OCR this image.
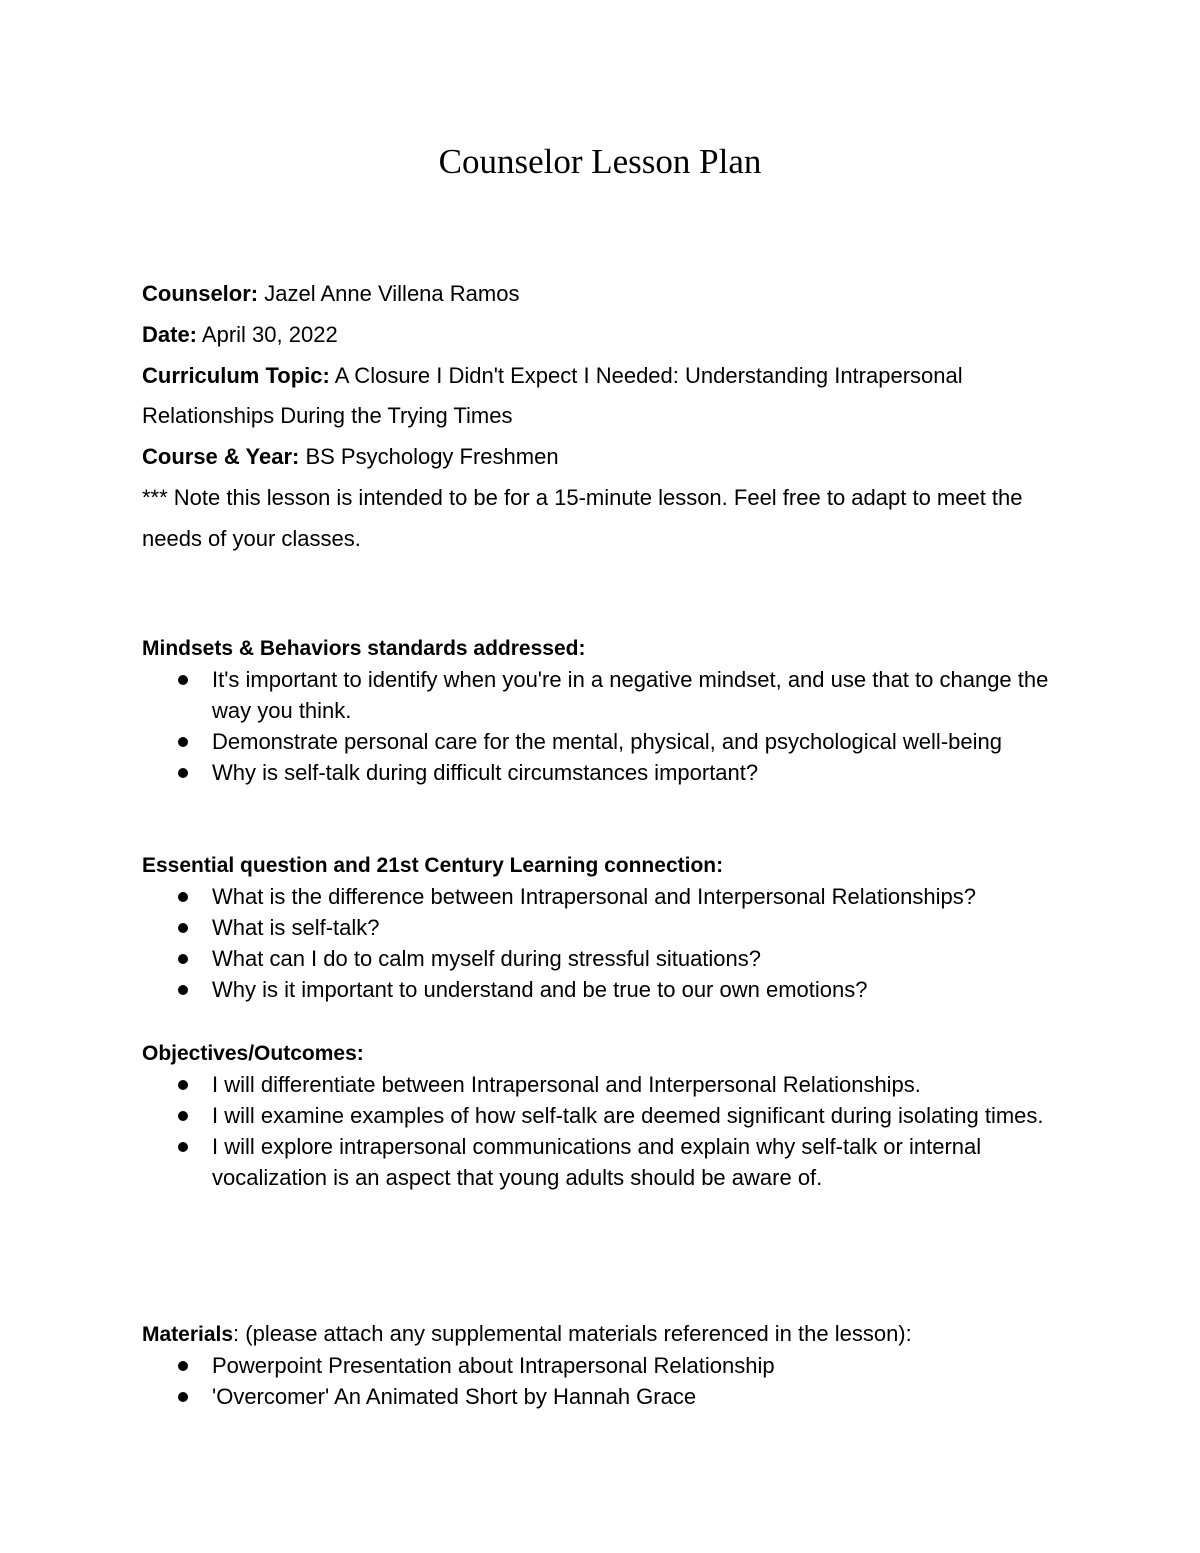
Counselor Lesson Plan

Counselor: Jazel Anne Villena Ramos

Date: April 30, 2022

Curriculum Topic: A Closure I Didn't Expect I Needed: Understanding Intrapersonal Relationships During the Trying Times

Course & Year: BS Psychology Freshmen

*** Note this lesson is intended to be for a 15-minute lesson. Feel free to adapt to meet the needs of your classes.

Mindsets & Behaviors standards addressed:

It's important to identify when you're in a negative mindset, and use that to change the way you think.
Demonstrate personal care for the mental, physical, and psychological well-being
Why is self-talk during difficult circumstances important?

Essential question and 21st Century Learning connection:

What is the difference between Intrapersonal and Interpersonal Relationships?
What is self-talk?
What can I do to calm myself during stressful situations?
Why is it important to understand and be true to our own emotions?

Objectives/Outcomes:

I will differentiate between Intrapersonal and Interpersonal Relationships.
I will examine examples of how self-talk are deemed significant during isolating times.
I will explore intrapersonal communications and explain why self-talk or internal vocalization is an aspect that young adults should be aware of.

Materials: (please attach any supplemental materials referenced in the lesson):

Powerpoint Presentation about Intrapersonal Relationship
'Overcomer' An Animated Short by Hannah Grace
